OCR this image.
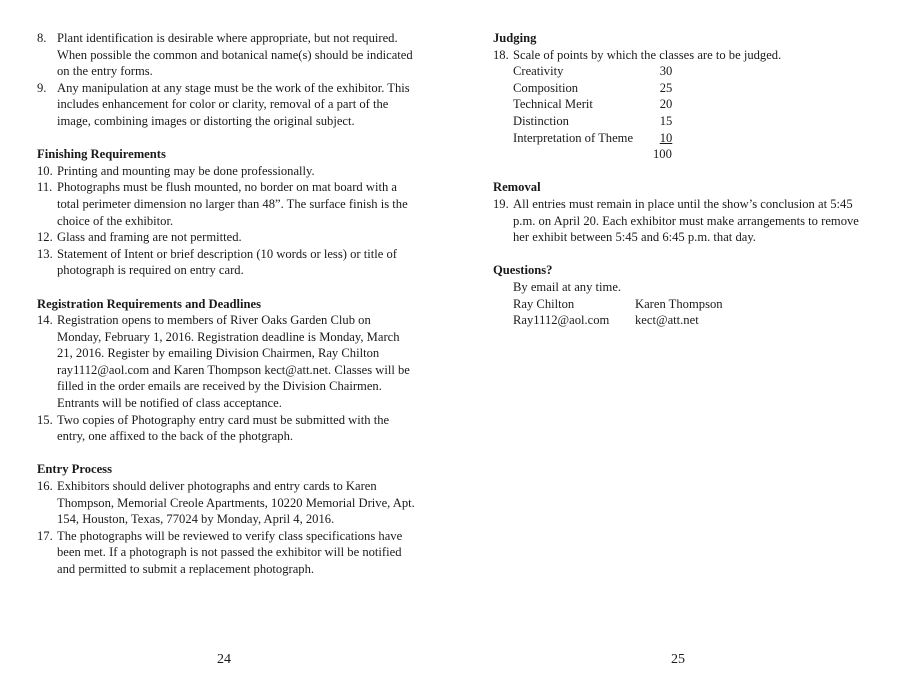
8. Plant identification is desirable where appropriate, but not required. When possible the common and botanical name(s) should be indicated on the entry forms.
9. Any manipulation at any stage must be the work of the exhibitor. This includes enhancement for color or clarity, removal of a part of the image, combining images or distorting the original subject.
Finishing Requirements
10. Printing and mounting may be done professionally.
11. Photographs must be flush mounted, no border on mat board with a total perimeter dimension no larger than 48”. The surface finish is the choice of the exhibitor.
12. Glass and framing are not permitted.
13. Statement of Intent or brief description (10 words or less) or title of photograph is required on entry card.
Registration Requirements and Deadlines
14. Registration opens to members of River Oaks Garden Club on Monday, February 1, 2016. Registration deadline is Monday, March 21, 2016. Register by emailing Division Chairmen, Ray Chilton ray1112@aol.com and Karen Thompson kect@att.net. Classes will be filled in the order emails are received by the Division Chairmen. Entrants will be notified of class acceptance.
15. Two copies of Photography entry card must be submitted with the entry, one affixed to the back of the photgraph.
Entry Process
16. Exhibitors should deliver photographs and entry cards to Karen Thompson, Memorial Creole Apartments, 10220 Memorial Drive, Apt. 154, Houston, Texas, 77024 by Monday, April 4, 2016.
17. The photographs will be reviewed to verify class specifications have been met. If a photograph is not passed the exhibitor will be notified and permitted to submit a replacement photograph.
24
Judging
18. Scale of points by which the classes are to be judged.
Creativity	30
Composition	25
Technical Merit	20
Distinction	15
Interpretation of Theme 10
100
Removal
19. All entries must remain in place until the show’s conclusion at 5:45 p.m. on April 20. Each exhibitor must make arrangements to remove her exhibit between 5:45 and 6:45 p.m. that day.
Questions?
By email at any time.
Ray Chilton	Karen Thompson
Ray1112@aol.com kect@att.net
25
